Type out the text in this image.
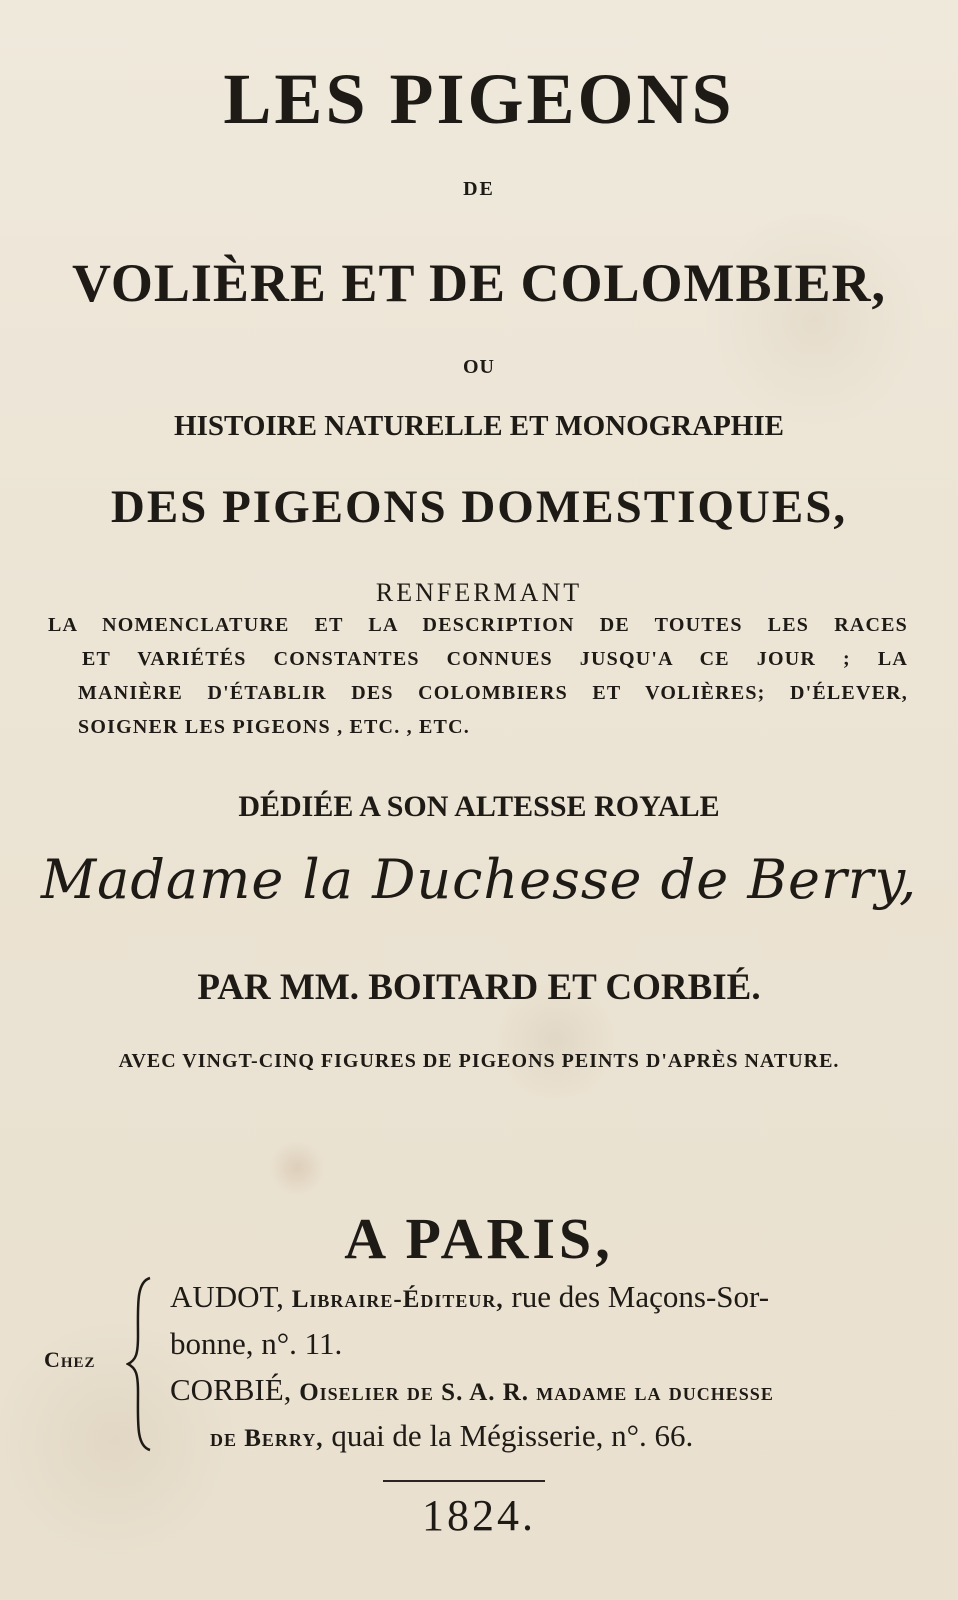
LES PIGEONS
DE
VOLIÈRE ET DE COLOMBIER,
OU
HISTOIRE NATURELLE ET MONOGRAPHIE
DES PIGEONS DOMESTIQUES,
RENFERMANT
LA NOMENCLATURE ET LA DESCRIPTION DE TOUTES LES RACES
ET VARIÉTÉS CONSTANTES CONNUES JUSQU'A CE JOUR ; LA
MANIÈRE D'ÉTABLIR DES COLOMBIERS ET VOLIÈRES; D'ÉLEVER,
SOIGNER LES PIGEONS , ETC. , ETC.
DÉDIÉE A SON ALTESSE ROYALE
Madame la Duchesse de Berry,
PAR MM. BOITARD ET CORBIÉ.
AVEC VINGT-CINQ FIGURES DE PIGEONS PEINTS D'APRÈS NATURE.
A PARIS,
Chez
AUDOT, Libraire-Éditeur, rue des Maçons-Sor-
bonne, n°. 11.
CORBIÉ, Oiselier de S. A. R. madame la duchesse
de Berry, quai de la Mégisserie, n°. 66.
1824.
